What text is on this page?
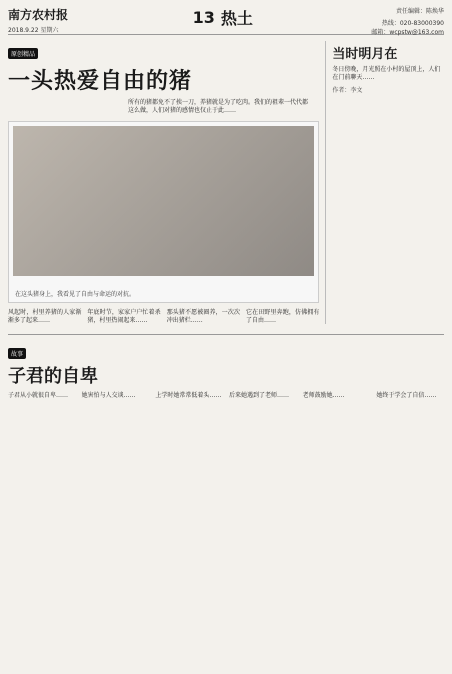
南方农村报
2018.9.22 星期六
13 热土	责任编辑：陈焕华
热线：020-83000390
邮箱：wcpstw@163.com
原创精品
一头热爱自由的猪
所有的猪都免不了挨一刀，养猪就是为了吃肉。我们的祖辈一代代都这么做，人们对猪的感情也仅止于此……
在这头猪身上，我看见了自由与命运的对抗。
风起时，村里养猪的人家渐渐多了起来……
年底时节，家家户户忙着杀猪，村里热闹起来……
那头猪不愿被圈养，一次次冲出猪栏……
它在田野里奔跑，仿佛拥有了自由……
当时明月在
冬日傍晚，月光照在小村的屋顶上，人们在门前聊天……
作者：李文
故事
子君的自卑
子君从小就很自卑……	她害怕与人交谈……	上学时她常常低着头…… 后来她遇到了老师……	老师鼓励她……	她终于学会了自信……
